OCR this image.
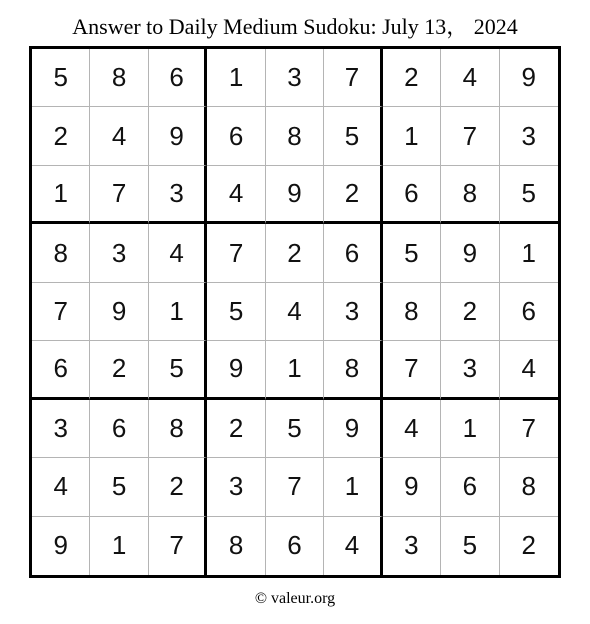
Answer to Daily Medium Sudoku: July 13， 2024
5	8	6	1	3	7	2	4	9
2	4	9	6	8	5	1	7	3
1	7	3	4	9	2	6	8	5
8	3	4	7	2	6	5	9	1
7	9	1	5	4	3	8	2	6
6	2	5	9	1	8	7	3	4
3	6	8	2	5	9	4	1	7
4	5	2	3	7	1	9	6	8
9	1	7	8	6	4	3	5	2
© valeur.org
